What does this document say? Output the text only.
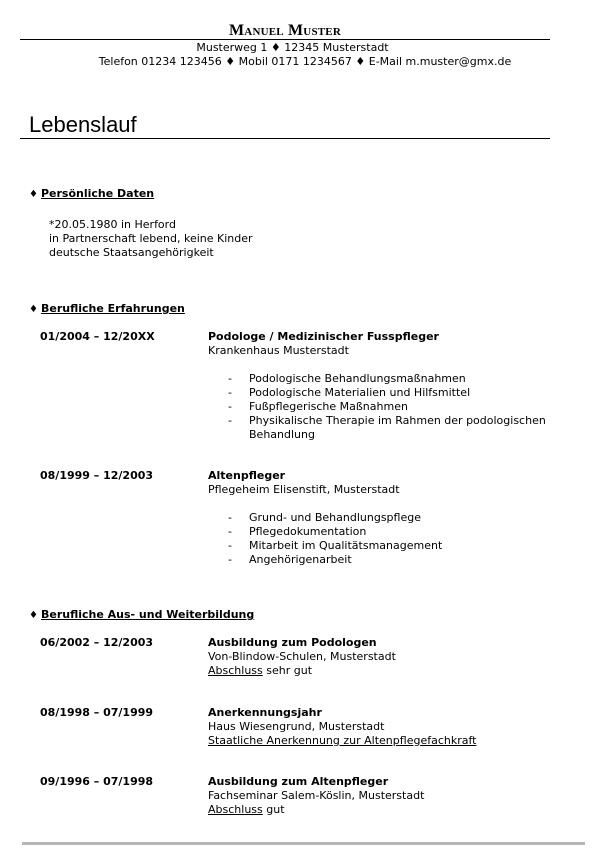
Manuel Muster
Musterweg 1 ♦ 12345 Musterstadt
Telefon 01234 123456 ♦ Mobil 0171 1234567 ♦ E-Mail m.muster@gmx.de
Lebenslauf
♦ Persönliche Daten
*20.05.1980 in Herford
in Partnerschaft lebend, keine Kinder
deutsche Staatsangehörigkeit
♦ Berufliche Erfahrungen
01/2004 – 12/20XX	Podologe / Medizinischer Fusspfleger
Krankenhaus Musterstadt
- Podologische Behandlungsmaßnahmen
- Podologische Materialien und Hilfsmittel
- Fußpflegerische Maßnahmen
- Physikalische Therapie im Rahmen der podologischen Behandlung
08/1999 – 12/2003	Altenpfleger
Pflegeheim Elisenstift, Musterstadt
- Grund- und Behandlungspflege
- Pflegedokumentation
- Mitarbeit im Qualitätsmanagement
- Angehörigenarbeit
♦ Berufliche Aus- und Weiterbildung
06/2002 – 12/2003	Ausbildung zum Podologen
Von-Blindow-Schulen, Musterstadt
Abschluss sehr gut
08/1998 – 07/1999	Anerkennungsjahr
Haus Wiesengrund, Musterstadt
Staatliche Anerkennung zur Altenpflegefachkraft
09/1996 – 07/1998	Ausbildung zum Altenpfleger
Fachseminar Salem-Köslin, Musterstadt
Abschluss gut
